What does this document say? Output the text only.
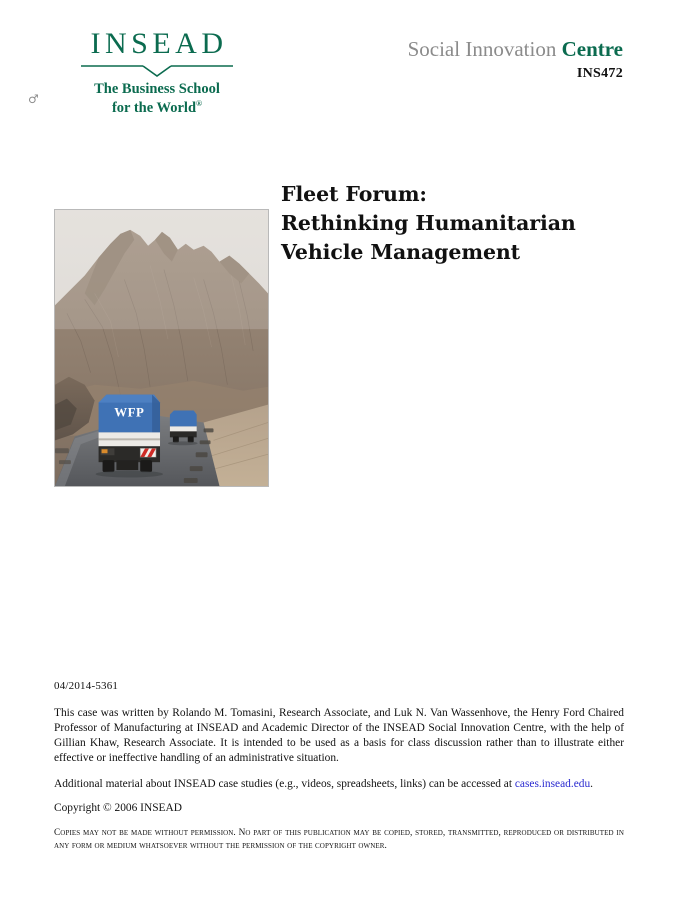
INSEAD
The Business School
for the World®
♂
Social Innovation Centre
INS472
Fleet Forum:
Rethinking Humanitarian
Vehicle Management
WFP
04/2014-5361

This case was written by Rolando M. Tomasini, Research Associate, and Luk N. Van Wassenhove, the Henry Ford Chaired Professor of Manufacturing at INSEAD and Academic Director of the INSEAD Social Innovation Centre, with the help of Gillian Khaw, Research Associate. It is intended to be used as a basis for class discussion rather than to illustrate either effective or ineffective handling of an administrative situation.

Additional material about INSEAD case studies (e.g., videos, spreadsheets, links) can be accessed at cases.insead.edu.

Copyright © 2006 INSEAD

Copies may not be made without permission. No part of this publication may be copied, stored, transmitted, reproduced or distributed in any form or medium whatsoever without the permission of the copyright owner.
